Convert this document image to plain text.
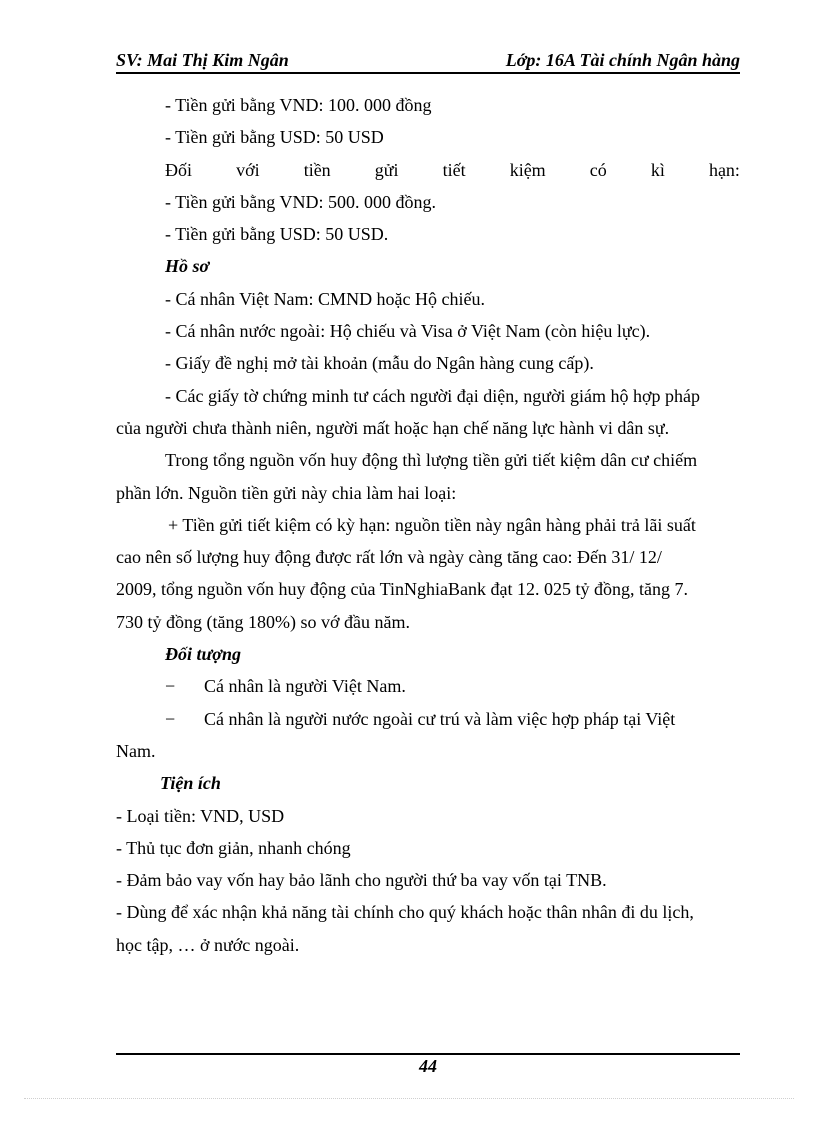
SV: Mai Thị Kim Ngân	Lớp: 16A Tài chính Ngân hàng
- Tiền gửi bằng VND: 100. 000 đồng
- Tiền gửi bằng USD: 50 USD
Đối với tiền gửi tiết kiệm có kì hạn:
- Tiền gửi bằng VND: 500. 000 đồng.
- Tiền gửi bằng USD: 50 USD.
Hồ sơ
- Cá nhân Việt Nam: CMND hoặc Hộ chiếu.
- Cá nhân nước ngoài: Hộ chiếu và Visa ở Việt Nam (còn hiệu lực).
- Giấy đề nghị mở tài khoản (mẫu do Ngân hàng cung cấp).
- Các giấy tờ chứng minh tư cách người đại diện, người giám hộ hợp pháp
của người chưa thành niên, người mất hoặc hạn chế năng lực hành vi dân sự.
Trong tổng nguồn vốn huy động thì lượng tiền gửi tiết kiệm dân cư chiếm
phần lớn. Nguồn tiền gửi này chia làm hai loại:
+ Tiền gửi tiết kiệm có kỳ hạn: nguồn tiền này ngân hàng phải trả lãi suất
cao nên số lượng huy động được rất lớn và ngày càng tăng cao: Đến 31/ 12/
2009, tổng nguồn vốn huy động của TinNghiaBank đạt 12. 025 tỷ đồng, tăng 7.
730 tỷ đồng (tăng 180%) so vớ đầu năm.
Đối tượng
− Cá nhân là người Việt Nam.
− Cá nhân là người nước ngoài cư trú và làm việc hợp pháp tại Việt
Nam.
Tiện ích
- Loại tiền: VND, USD
- Thủ tục đơn giản, nhanh chóng
- Đảm bảo vay vốn hay bảo lãnh cho người thứ ba vay vốn tại TNB.
- Dùng để xác nhận khả năng tài chính cho quý khách hoặc thân nhân đi du lịch,
học tập, … ở nước ngoài.
44
